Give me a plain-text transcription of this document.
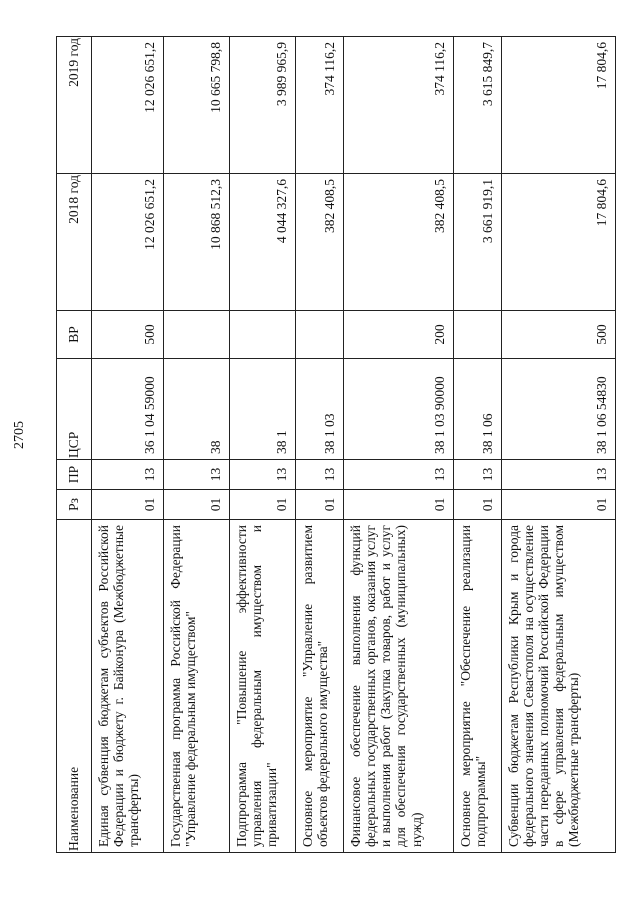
2705
Наименование	Рз	ПР	ЦСР	ВР	2018 год	2019 год
Единая субвенция бюджетам субъектов Российской Федерации и бюджету г. Байконура (Межбюджетные трансферты)	01	13	36 1 04 59000	500	12 026 651,2	12 026 651,2
Государственная программа Российской Федерации "Управление федеральным имуществом"	01	13	38		10 868 512,3	10 665 798,8
Подпрограмма "Повышение эффективности управления федеральным имуществом и приватизации"	01	13	38 1		4 044 327,6	3 989 965,9
Основное мероприятие "Управление развитием объектов федерального имущества"	01	13	38 1 03		382 408,5	374 116,2
Финансовое обеспечение выполнения функций федеральных государственных органов, оказания услуг и выполнения работ (Закупка товаров, работ и услуг для обеспечения государственных (муниципальных) нужд)	01	13	38 1 03 90000	200	382 408,5	374 116,2
Основное мероприятие "Обеспечение реализации подпрограммы"	01	13	38 1 06		3 661 919,1	3 615 849,7
Субвенции бюджетам Республики Крым и города федерального значения Севастополя на осуществление части переданных полномочий Российской Федерации в сфере управления федеральным имуществом (Межбюджетные трансферты)	01	13	38 1 06 54830	500	17 804,6	17 804,6
